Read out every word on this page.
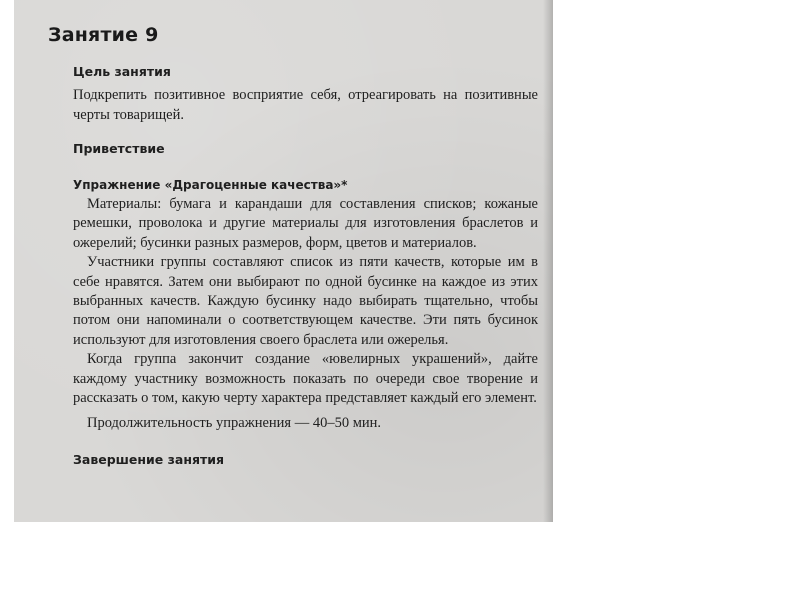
Занятие 9
Цель занятия

Подкрепить позитивное восприятие себя, отреагировать на позитивные черты товарищей.

Приветствие
Упражнение «Драгоценные качества»*

Материалы: бумага и карандаши для составления списков; кожаные ремешки, проволока и другие материалы для изготовления браслетов и ожерелий; бусинки разных размеров, форм, цветов и материалов.

Участники группы составляют список из пяти качеств, которые им в себе нравятся. Затем они выбирают по одной бусинке на каждое из этих выбранных качеств. Каждую бусинку надо выбирать тщательно, чтобы потом они напоминали о соответствующем качестве. Эти пять бусинок используют для изготовления своего браслета или ожерелья.

Когда группа закончит создание «ювелирных украшений», дайте каждому участнику возможность показать по очереди свое творение и рассказать о том, какую черту характера представляет каждый его элемент.

Продолжительность упражнения — 40–50 мин.

Завершение занятия
